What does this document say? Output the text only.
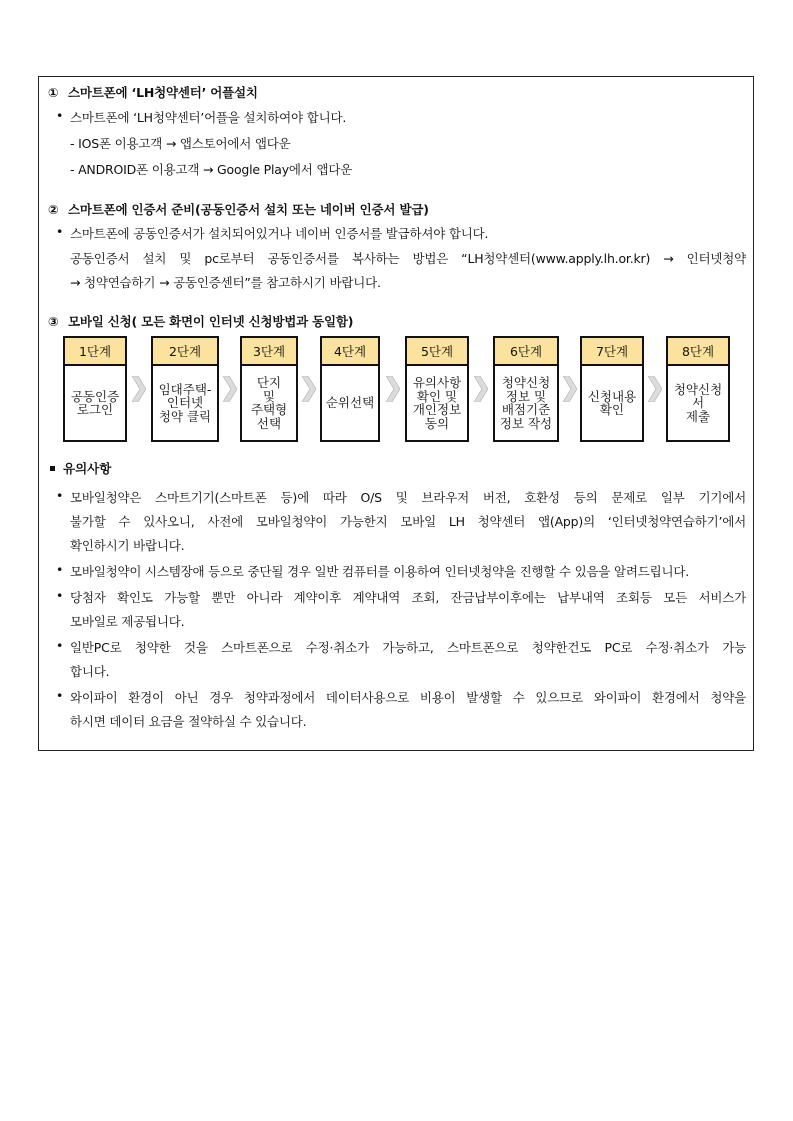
① 스마트폰에 ‘LH청약센터’ 어플설치
• 스마트폰에 ‘LH청약센터’어플을 설치하여야 합니다.
- IOS폰 이용고객 → 앱스토어에서 앱다운
- ANDROID폰 이용고객 → Google Play에서 앱다운
② 스마트폰에 인증서 준비(공동인증서 설치 또는 네이버 인증서 발급)
• 스마트폰에 공동인증서가 설치되어있거나 네이버 인증서를 발급하셔야 합니다.
공동인증서 설치 및 pc로부터 공동인증서를 복사하는 방법은 “LH청약센터(www.apply.lh.or.kr) → 인터넷청약
→ 청약연습하기 → 공동인증센터”를 참고하시기 바랍니다.
③ 모바일 신청( 모든 화면이 인터넷 신청방법과 동일함)
1단계
공동인증
로그인
2단계
임대주택-
인터넷
청약 클릭
3단계
단지
및
주택형
선택
4단계
순위선택
5단계
유의사항
확인 및
개인정보
동의
6단계
청약신청
정보 및
배점기준
정보 작성
7단계
신청내용
확인
8단계
청약신청서
제출
유의사항
• 모바일청약은 스마트기기(스마트폰 등)에 따라 O/S 및 브라우저 버전, 호환성 등의 문제로 일부 기기에서
불가할 수 있사오니, 사전에 모바일청약이 가능한지 모바일 LH 청약센터 앱(App)의 ‘인터넷청약연습하기’에서
확인하시기 바랍니다.
• 모바일청약이 시스템장애 등으로 중단될 경우 일반 컴퓨터를 이용하여 인터넷청약을 진행할 수 있음을 알려드립니다.
• 당첨자 확인도 가능할 뿐만 아니라 계약이후 계약내역 조회, 잔금납부이후에는 납부내역 조회등 모든 서비스가
모바일로 제공됩니다.
• 일반PC로 청약한 것을 스마트폰으로 수정·취소가 가능하고, 스마트폰으로 청약한건도 PC로 수정·취소가 가능
합니다.
• 와이파이 환경이 아닌 경우 청약과정에서 데이터사용으로 비용이 발생할 수 있으므로 와이파이 환경에서 청약을
하시면 데이터 요금을 절약하실 수 있습니다.
